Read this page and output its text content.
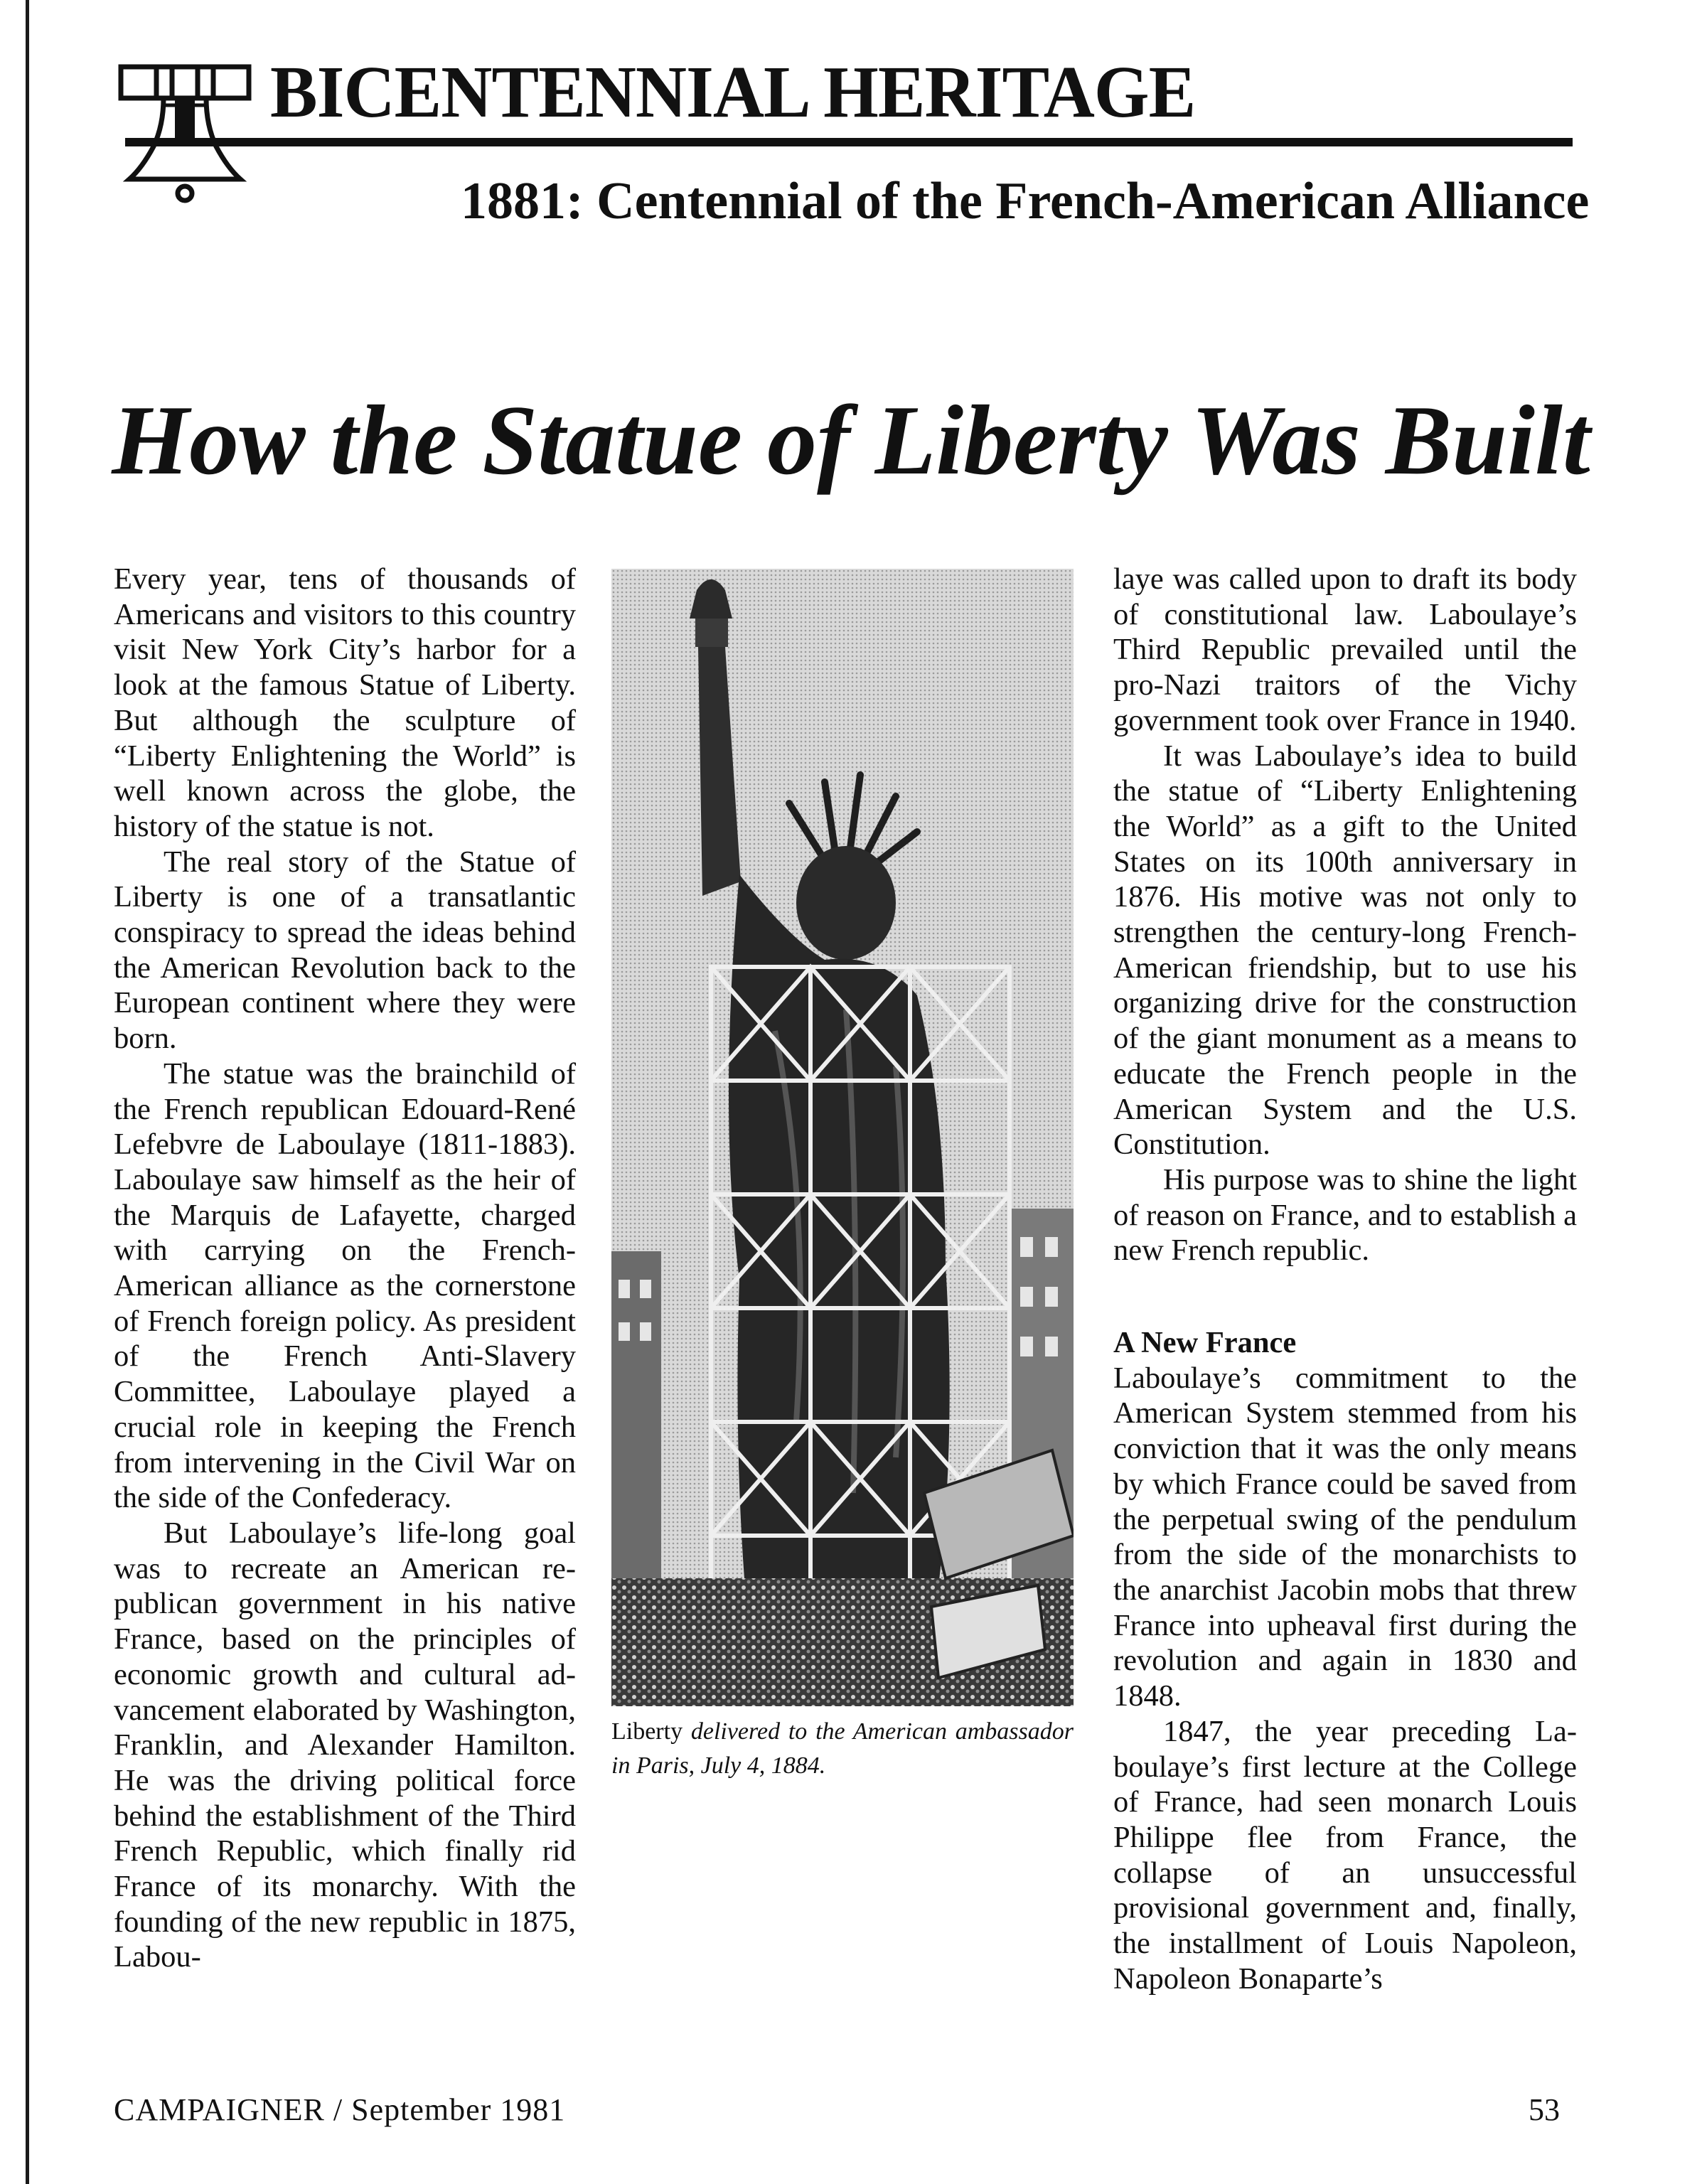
BICENTENNIAL HERITAGE
1881: Centennial of the French-American Alliance
How the Statue of Liberty Was Built

Every year, tens of thousands of Americans and visitors to this country visit New York City’s harbor for a look at the famous Statue of Liberty. But although the sculpture of “Liberty Enlightening the World” is well known across the globe, the history of the statue is not.

The real story of the Statue of Liberty is one of a transatlantic conspiracy to spread the ideas behind the American Revolution back to the European continent where they were born.

The statue was the brainchild of the French republican Edouard-René Lefebvre de Laboulaye (1811-1883). Laboulaye saw himself as the heir of the Marquis de Lafayette, charged with carrying on the French-American alliance as the cornerstone of French foreign policy. As president of the French Anti-Slavery Committee, Laboulaye played a crucial role in keeping the French from intervening in the Civil War on the side of the Confederacy.

But Laboulaye’s life-long goal was to recreate an American republican government in his native France, based on the principles of economic growth and cultural advancement elaborated by Washington, Franklin, and Alexander Hamilton. He was the driving political force behind the establishment of the Third French Republic, which finally rid France of its monarchy. With the founding of the new republic in 1875, Labou-

Liberty delivered to the American ambassador in Paris, July 4, 1884.

laye was called upon to draft its body of constitutional law. Laboulaye’s Third Republic prevailed until the pro-Nazi traitors of the Vichy government took over France in 1940.

It was Laboulaye’s idea to build the statue of “Liberty Enlightening the World” as a gift to the United States on its 100th anniversary in 1876. His motive was not only to strengthen the century-long French-American friendship, but to use his organizing drive for the construction of the giant monument as a means to educate the French people in the American System and the U.S. Constitution.

His purpose was to shine the light of reason on France, and to establish a new French republic.

A New France

Laboulaye’s commitment to the American System stemmed from his conviction that it was the only means by which France could be saved from the perpetual swing of the pendulum from the side of the monarchists to the anarchist Jacobin mobs that threw France into upheaval first during the revolution and again in 1830 and 1848.

1847, the year preceding Laboulaye’s first lecture at the College of France, had seen monarch Louis Philippe flee from France, the collapse of an unsuccessful provisional government and, finally, the installment of Louis Napoleon, Napoleon Bonaparte’s

CAMPAIGNER / September 1981	53
